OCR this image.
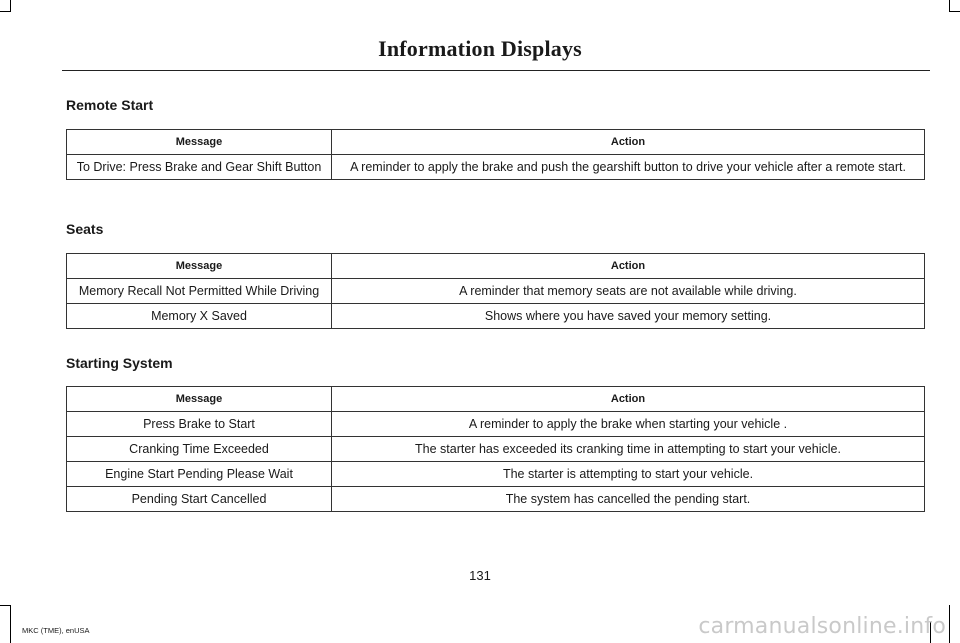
Information Displays
Remote Start
Message	Action
To Drive: Press Brake and Gear Shift Button	A reminder to apply the brake and push the gearshift button to drive your vehicle after a remote start.
Seats
Message	Action
Memory Recall Not Permitted While Driving	A reminder that memory seats are not available while driving.
Memory X Saved	Shows where you have saved your memory setting.
Starting System
Message	Action
Press Brake to Start	A reminder to apply the brake when starting your vehicle .
Cranking Time Exceeded	The starter has exceeded its cranking time in attempting to start your vehicle.
Engine Start Pending Please Wait	The starter is attempting to start your vehicle.
Pending Start Cancelled	The system has cancelled the pending start.
131
MKC (TME), enUSA	carmanualsonline.info
